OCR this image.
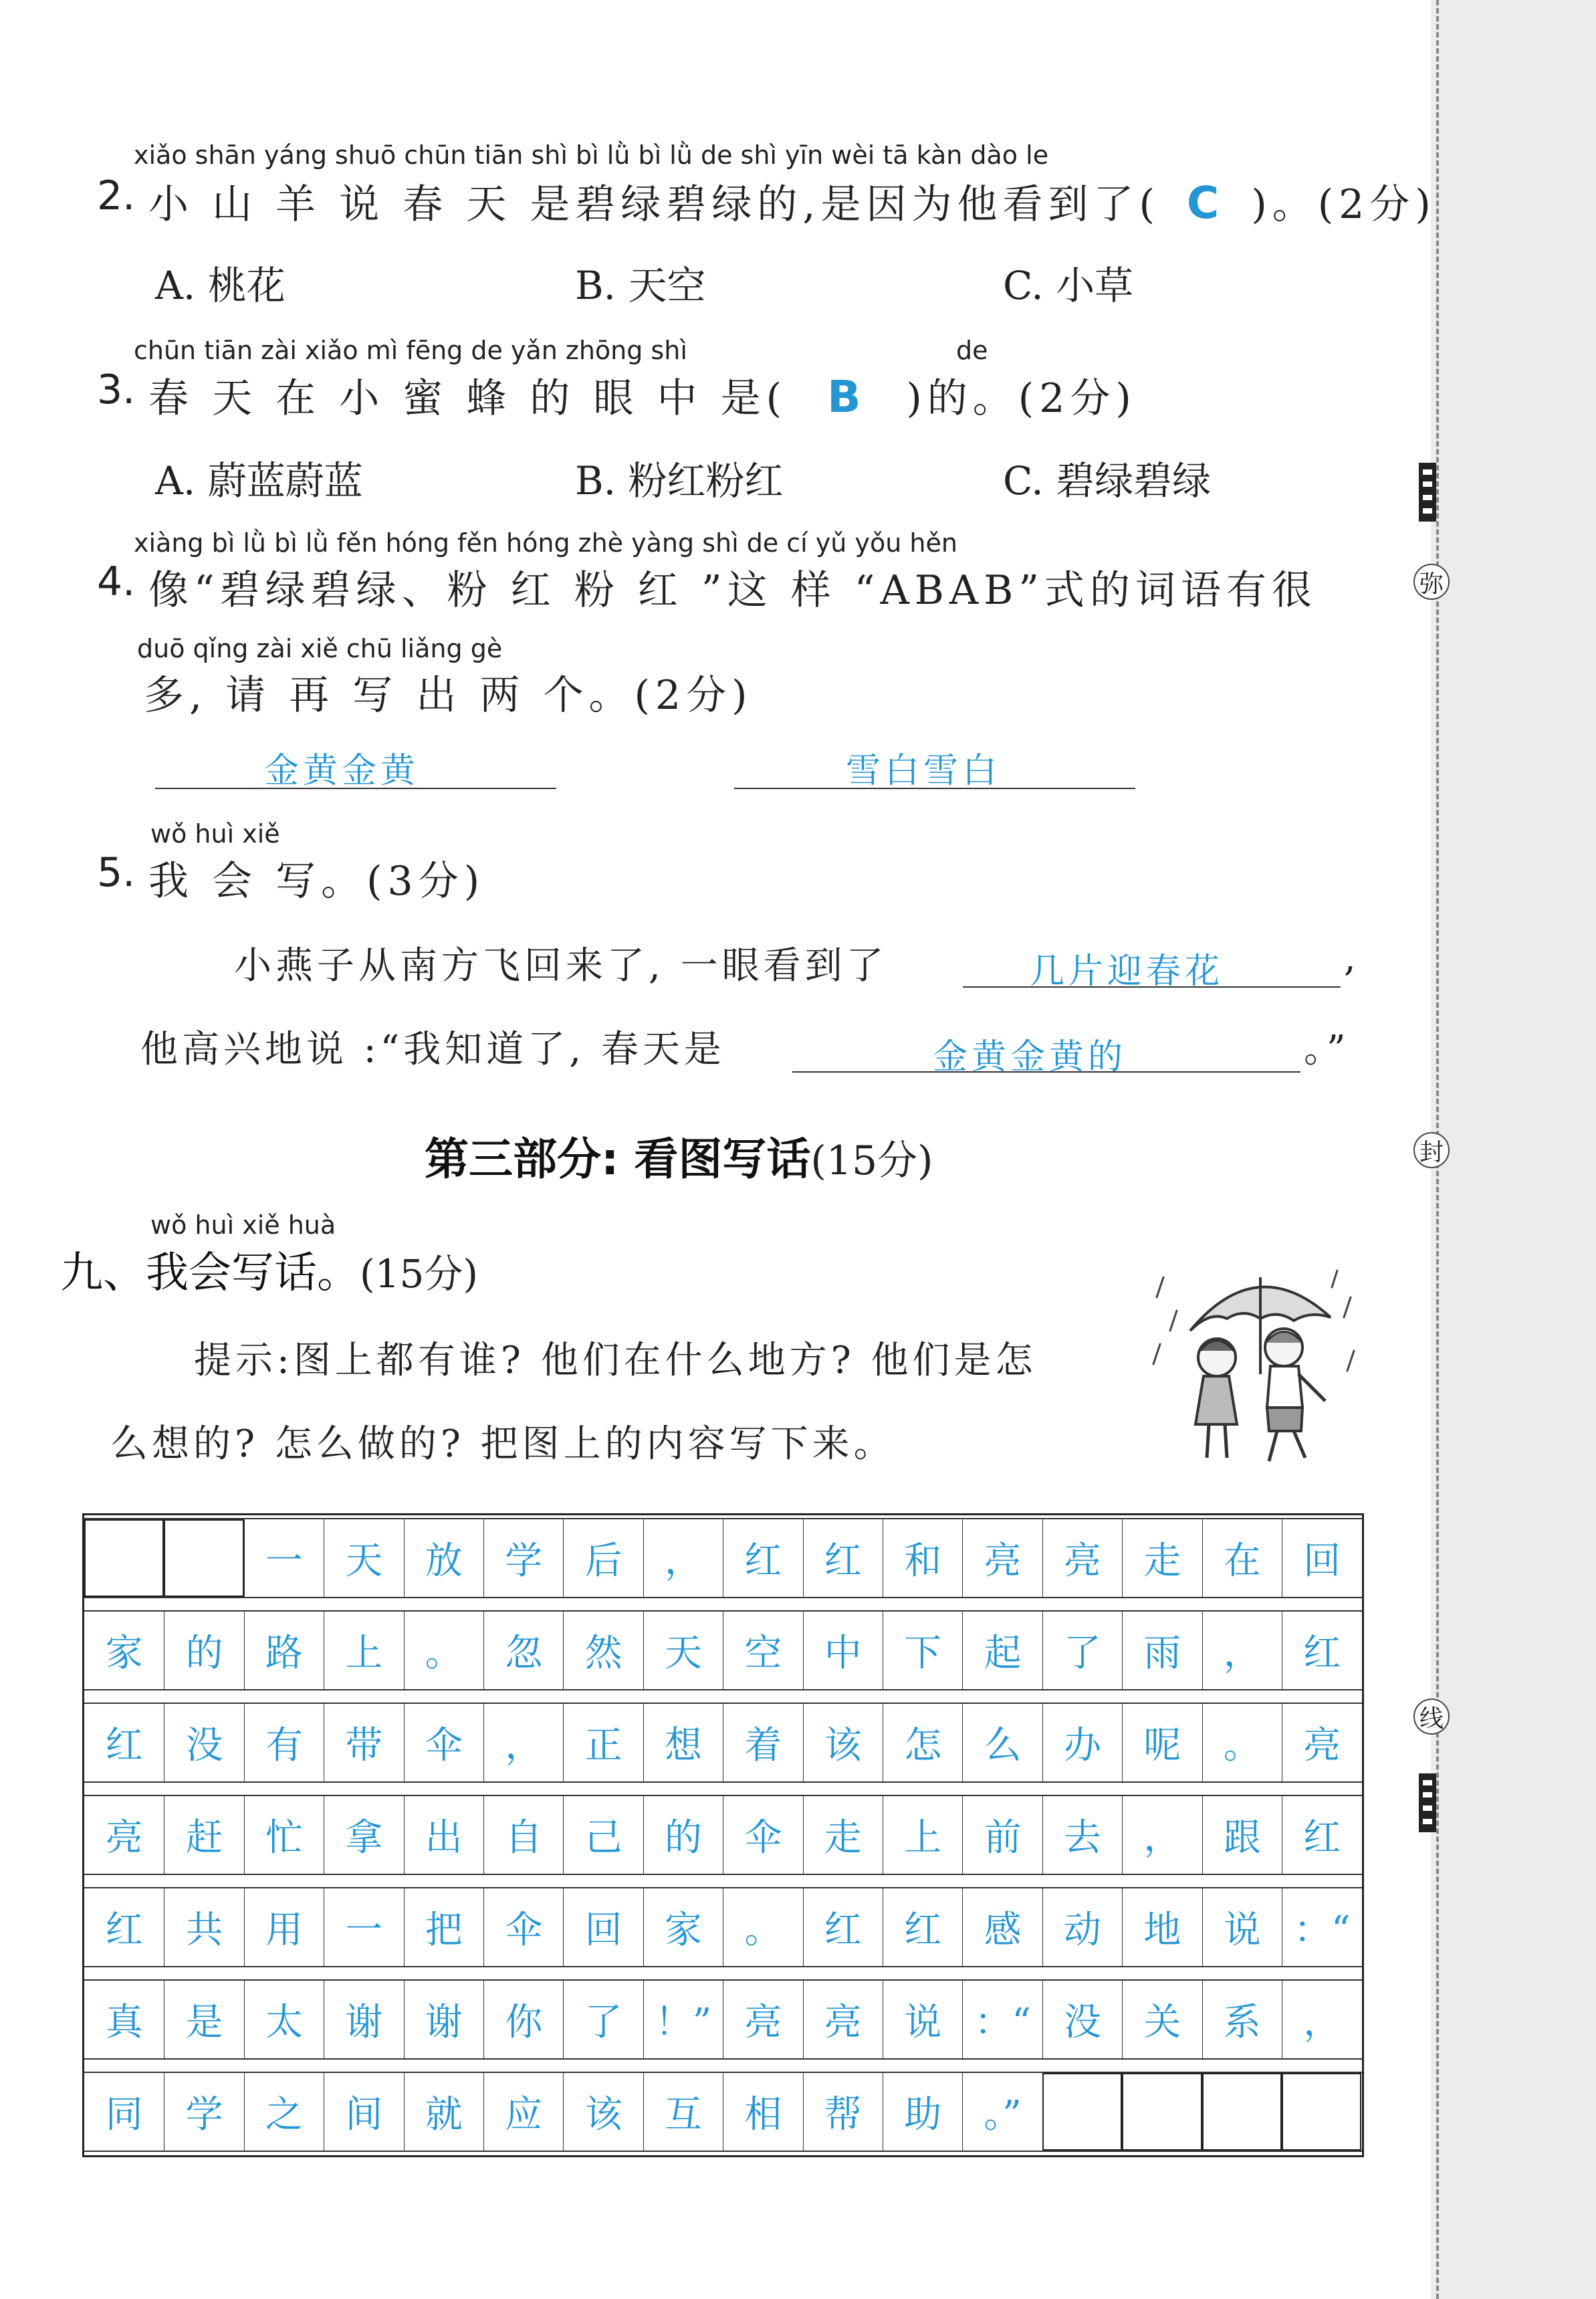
弥
封
线
xiǎo shān yáng shuō chūn tiān shì bì lǜ bì lǜ de shì yīn wèi tā kàn dào le
2. 小 山 羊 说 春 天 是碧绿碧绿的,是因为他看到了( C )。(2分)
A. 桃花	B. 天空	C. 小草
chūn tiān zài xiǎo mì fēng de yǎn zhōng shì	de
3. 春 天 在 小 蜜 蜂 的 眼 中 是( B )的。(2分)
A. 蔚蓝蔚蓝	B. 粉红粉红	C. 碧绿碧绿
xiàng bì lǜ bì lǜ fěn hóng fěn hóng zhè yàng shì de cí yǔ yǒu hěn
4. 像“碧绿碧绿、粉 红 粉 红 ”这 样 “ABAB”式的词语有很
duō qǐng zài xiě chū liǎng gè
多, 请 再 写 出 两 个。(2分)
金黄金黄	雪白雪白
wǒ huì xiě
5. 我 会 写。(3分)
小燕子从南方飞回来了, 一眼看到了	几片迎春花	,
他高兴地说 :“我知道了, 春天是	金黄金黄的	。”
第三部分: 看图写话(15分)
wǒ huì xiě huà
九、我会写话。(15分)
提示:图上都有谁? 他们在什么地方? 他们是怎
么想的? 怎么做的? 把图上的内容写下来。
一	天	放	学	后	，	红	红	和	亮	亮	走	在	回
家	的	路	上	。	忽	然	天	空	中	下	起	了	雨	，	红
红	没	有	带	伞	，	正	想	着	该	怎	么	办	呢	。	亮
亮	赶	忙	拿	出	自	己	的	伞	走	上	前	去	，	跟	红
红	共	用	一	把	伞	回	家	。	红	红	感	动	地	说 ：“
真	是	太	谢	谢	你	了 ！” 亮	亮	说 ：“ 没	关	系	，
同	学	之	间	就	应	该	互	相	帮	助	。”
